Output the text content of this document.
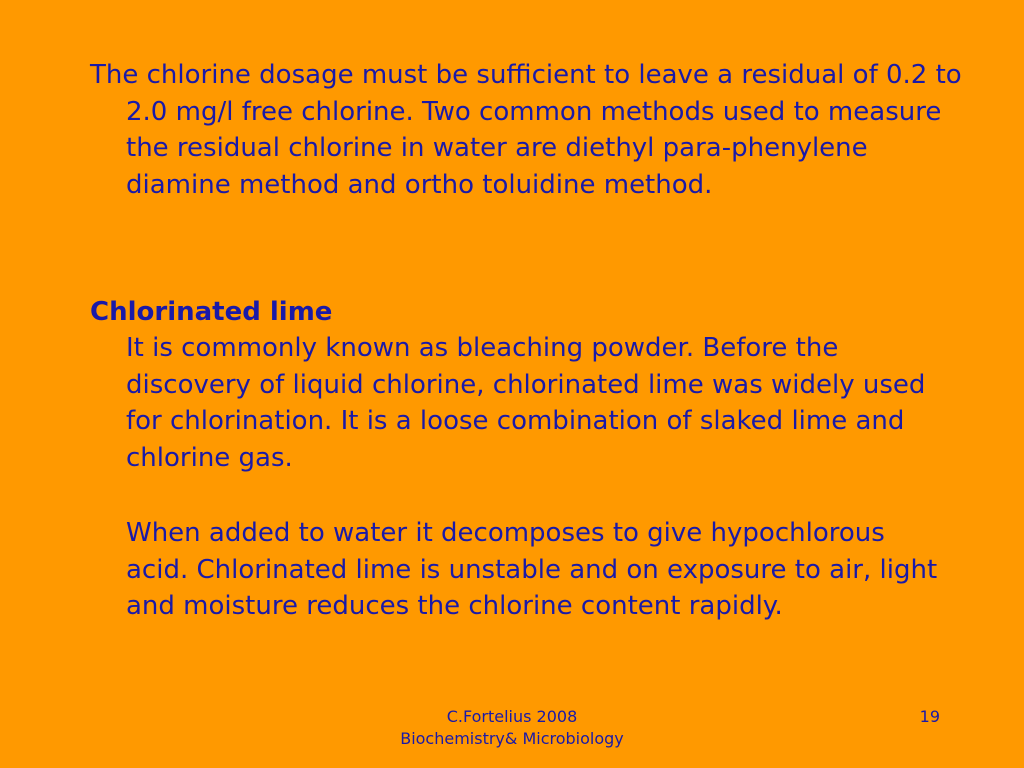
The chlorine dosage must be sufficient to leave a residual of 0.2 to 2.0 mg/l free chlorine. Two common methods used to measure the residual chlorine in water are diethyl para-phenylene diamine method and ortho toluidine method.

Chlorinated lime

It is commonly known as bleaching powder. Before the discovery of liquid chlorine, chlorinated lime was widely used for chlorination. It is a loose combination of slaked lime and chlorine gas.

When added to water it decomposes to give hypochlorous acid. Chlorinated lime is unstable and on exposure to air, light and moisture reduces the chlorine content rapidly.

C.Fortelius 2008
Biochemistry& Microbiology
19
